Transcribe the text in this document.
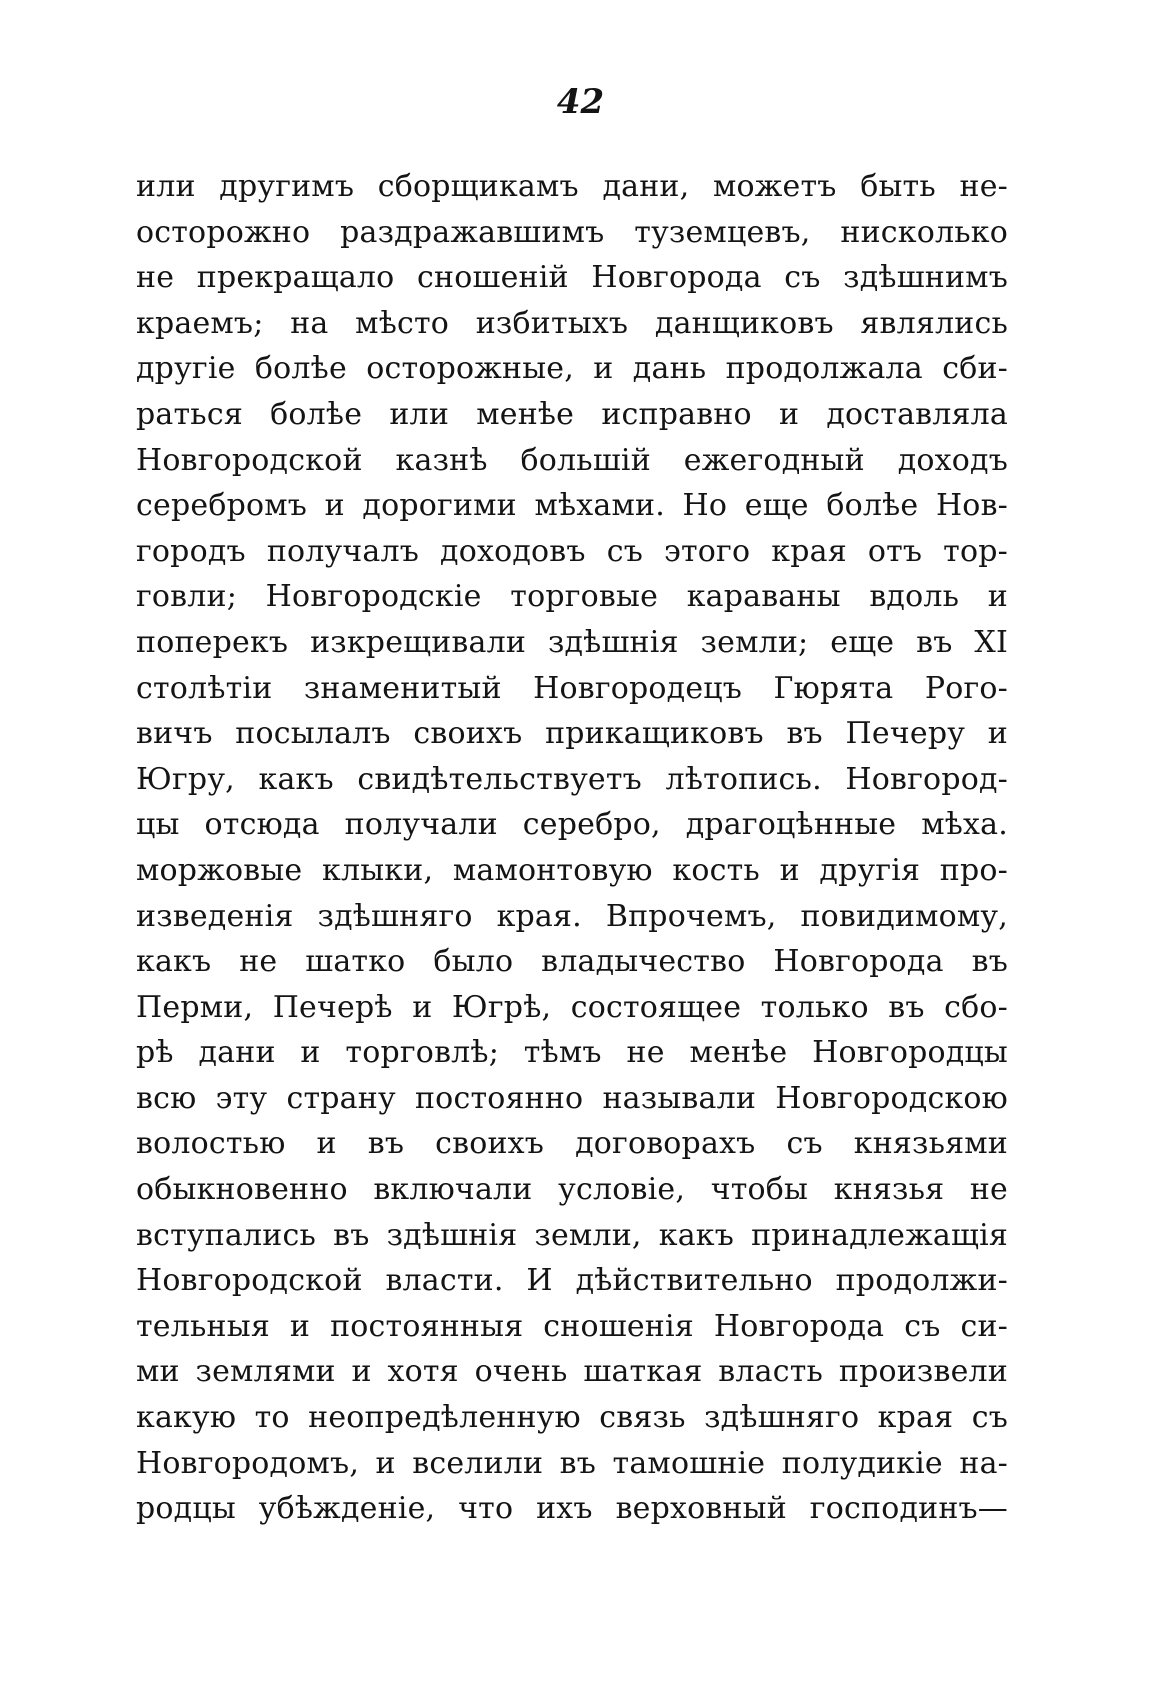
42
или другимъ сборщикамъ дани, можетъ быть не-
осторожно раздражавшимъ туземцевъ, нисколько
не прекращало сношеній Новгорода съ здѣшнимъ
краемъ; на мѣсто избитыхъ данщиковъ являлись
другіе болѣе осторожные, и дань продолжала сби-
раться болѣе или менѣе исправно и доставляла
Новгородской казнѣ большій ежегодный доходъ
серебромъ и дорогими мѣхами. Но еще болѣе Нов-
городъ получалъ доходовъ съ этого края отъ тор-
говли; Новгородскіе торговые караваны вдоль и
поперекъ изкрещивали здѣшнія земли; еще въ XI
столѣтіи знаменитый Новгородецъ Гюрята Рого-
вичъ посылалъ своихъ прикащиковъ въ Печеру и
Югру, какъ свидѣтельствуетъ лѣтопись. Новгород-
цы отсюда получали серебро, драгоцѣнные мѣха.
моржовые клыки, мамонтовую кость и другія про-
изведенія здѣшняго края. Впрочемъ, повидимому,
какъ не шатко было владычество Новгорода въ
Перми, Печерѣ и Югрѣ, состоящее только въ сбо-
рѣ дани и торговлѣ; тѣмъ не менѣе Новгородцы
всю эту страну постоянно называли Новгородскою
волостью и въ своихъ договорахъ съ князьями
обыкновенно включали условіе, чтобы князья не
вступались въ здѣшнія земли, какъ принадлежащія
Новгородской власти. И дѣйствительно продолжи-
тельныя и постоянныя сношенія Новгорода съ си-
ми землями и хотя очень шаткая власть произвели
какую то неопредѣленную связь здѣшняго края съ
Новгородомъ, и вселили въ тамошніе полудикіе на-
родцы убѣжденіе, что ихъ верховный господинъ—
